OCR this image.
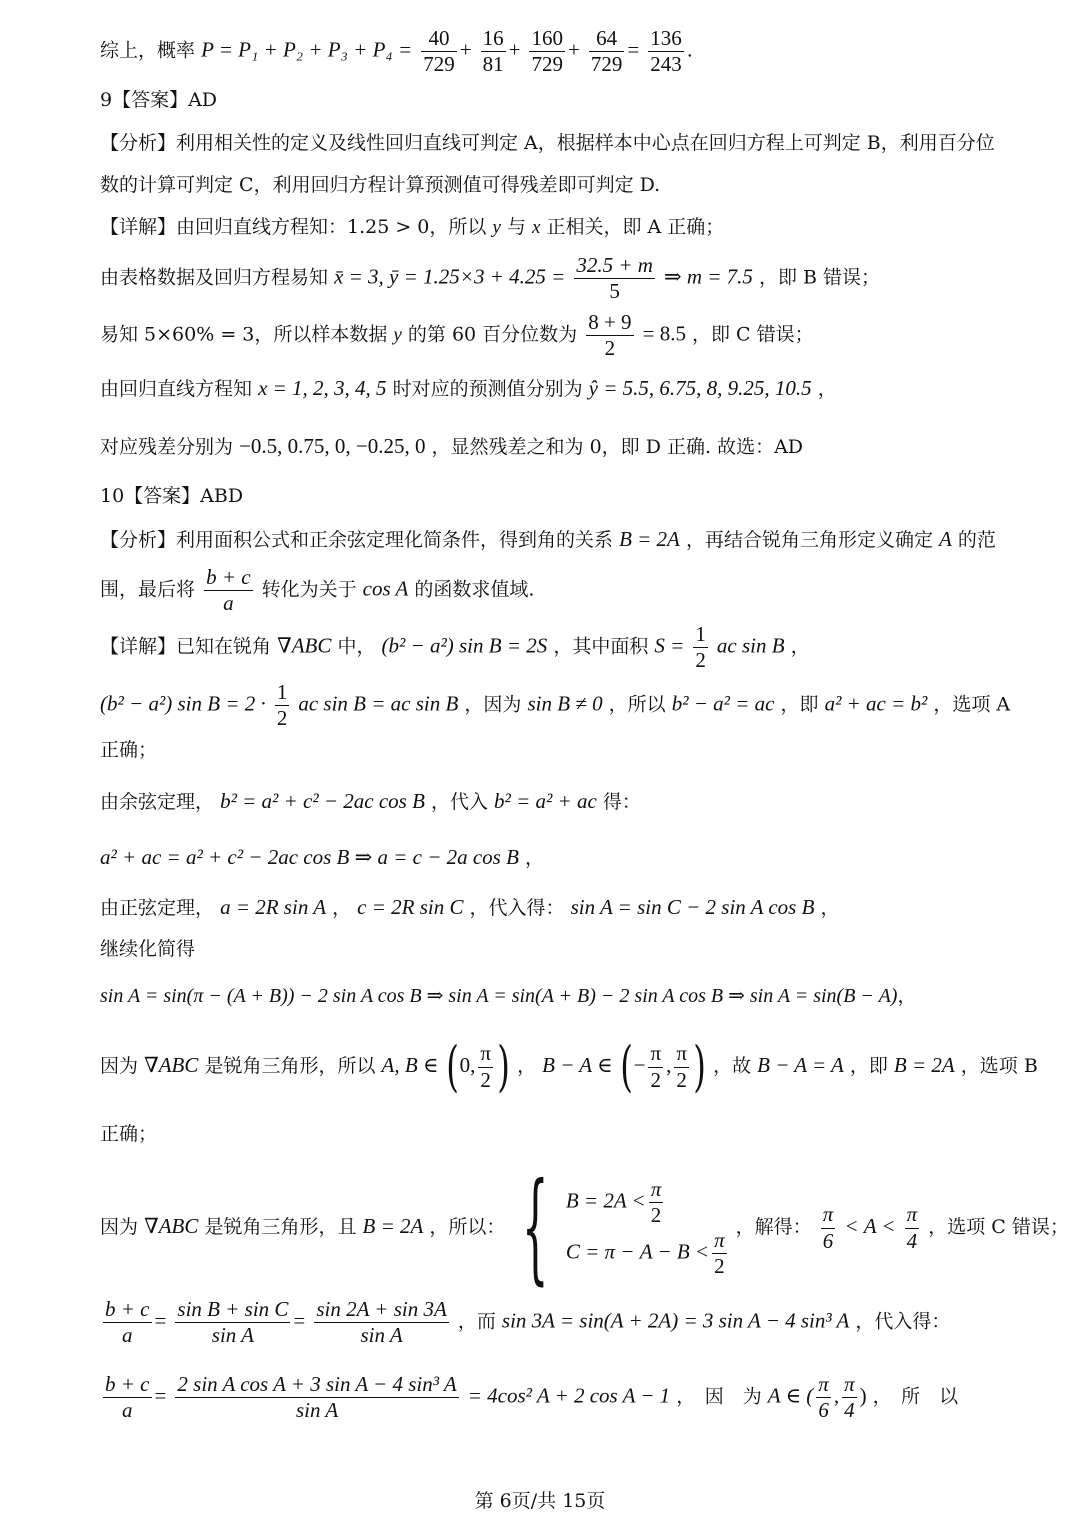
综上，概率 $P = P_1 + P_2 + P_3 + P_4 = \frac{40}{729} + \frac{16}{81} + \frac{160}{729} + \frac{64}{729} = \frac{136}{243}$ .
9【答案】AD
【分析】利用相关性的定义及线性回归直线可判定 A，根据样本中心点在回归方程上可判定 B，利用百分位
数的计算可判定 C，利用回归方程计算预测值可得残差即可判定 D.
【详解】由回归直线方程知：1.25 > 0，所以 y 与 x 正相关，即 A 正确；
由表格数据及回归方程易知 x̄ = 3, ȳ = $1.25\times 3 + 4.25 = \frac{32.5 + m}{5}$ ⇒ m = 7.5 ，即 B 错误；
易知 5×60% = 3，所以样本数据 y 的第 60 百分位数为 $\frac{8 + 9}{2} = 8.5$ ，即 C 错误；
由回归直线方程知 x = 1, 2, 3, 4, 5 时对应的预测值分别为 ŷ = 5.5, 6.75, 8, 9.25, 10.5 ，
对应残差分别为 −0.5, 0.75, 0, −0.25, 0 ，显然残差之和为 0，即 D 正确. 故选：AD
10【答案】ABD
【分析】利用面积公式和正余弦定理化简条件，得到角的关系 B = 2A ，再结合锐角三角形定义确定 A 的范
围，最后将 $\frac{b + c}{a}$ 转化为关于 cos A 的函数求值域.
【详解】已知在锐角 ∇ABC 中， (b² − a²) sin B = 2S ，其中面积 $S = \frac{1}{2}$ ac sin B ，
(b² − a²) $\sin B = 2 \cdot \frac{1}{2}$ ac sin B = ac sin B ，因为 sin B ≠ 0 ，所以 b² − a² = ac ，即 a² + ac = b² ，选项 A
正确；
由余弦定理， b² = a² + c² − 2ac cos B ，代入 b² = a² + ac 得：
a² + ac = a² + c² − 2ac cos B ⇒ a = c − 2a cos B ，
由正弦定理， a = 2R sin A ， c = 2R sin C ，代入得： sin A = sin C − 2 sin A cos B ，
继续化简得
sin A = sin(π − (A + B)) − 2 sin A cos B ⇒ sin A = sin(A + B) − 2 sin A cos B ⇒ sin A = sin(B − A)，
因为 ∇ABC 是锐角三角形，所以 A, B ∈ (0, $\frac{\pi}{2}$ ) ， B − A ∈ (− $\frac{\pi}{2}$ , $\frac{\pi}{2}$ ) ，故 B − A = A ，即 B = 2A ，选项 B
正确；
因为 ∇ABC 是锐角三角形，且 B = 2A ，所以： { $B = 2A < \frac{\pi}{2}$
$C = \pi - A - B < \frac{\pi}{2}$
，解得： $\frac{\pi}{6} < A < \frac{\pi}{4}$ ，选项 C 错误；
$\frac{b + c}{a} = \frac{\text{sin B + sin C}}{\text{sin A}} = \frac{\sin 2A + \sin 3A}{\text{sin A}}$ ，而 sin 3A = sin(A + 2A) = 3 sin A − 4 sin³ A ，代入得：
$\frac{b + c}{a} = \frac{\text{2 sin A cos A + 3 sin A − 4 sin³ A}}{\text{sin A}} = 4\cos^2$ A + 2 cos A − 1 ，　因　为 A ∈ ( $\frac{\pi}{6}$ , $\frac{\pi}{4}$ ) ，　所　以
第 6页/共 15页
